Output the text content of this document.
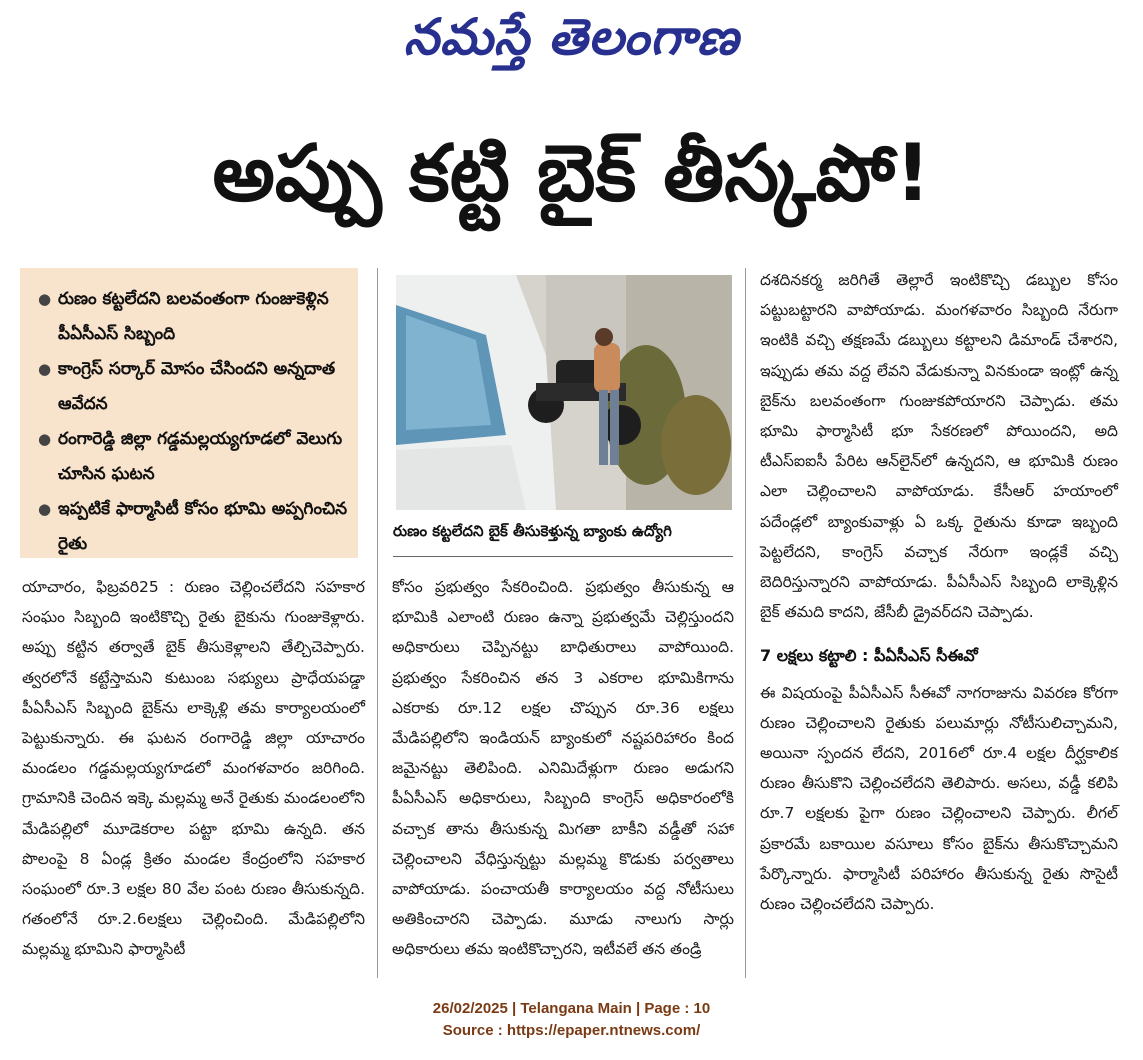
నమస్తే తెలంగాణ
అప్పు కట్టి బైక్ తీస్కపో!
● రుణం కట్టలేదని బలవంతంగా గుంజుకెళ్లిన పీఏసీఎస్ సిబ్బంది
● కాంగ్రెస్ సర్కార్ మోసం చేసిందని అన్నదాత ఆవేదన
● రంగారెడ్డి జిల్లా గడ్డమల్లయ్యగూడలో వెలుగు చూసిన ఘటన
● ఇప్పటికే ఫార్మాసిటీ కోసం భూమి అప్పగించిన రైతు
రుణం కట్టలేదని బైక్ తీసుకెళ్తున్న బ్యాంకు ఉద్యోగి

యాచారం, ఫిబ్రవరి25 : రుణం చెల్లించలేదని సహకార సంఘం సిబ్బంది ఇంటికొచ్చి రైతు బైకును గుంజుకెళ్లారు. అప్పు కట్టిన తర్వాతే బైక్ తీసుకెళ్లాలని తేల్చిచెప్పారు. త్వరలోనే కట్టేస్తామని కుటుంబ సభ్యులు ప్రాధేయపడ్డా పీఏసీఎస్ సిబ్బంది బైక్‌ను లాక్కెళ్లి తమ కార్యాలయంలో పెట్టుకున్నారు. ఈ ఘటన రంగారెడ్డి జిల్లా యాచారం మండలం గడ్డమల్లయ్యగూడలో మంగళవారం జరిగింది. గ్రామానికి చెందిన ఇక్కె మల్లమ్మ అనే రైతుకు మండలంలోని మేడిపల్లిలో మూడెకరాల పట్టా భూమి ఉన్నది. తన పొలంపై 8 ఏండ్ల క్రితం మండల కేంద్రంలోని సహకార సంఘంలో రూ.3 లక్షల 80 వేల పంట రుణం తీసుకున్నది. గతంలోనే రూ.2.6లక్షలు చెల్లించింది. మేడిపల్లిలోని మల్లమ్మ భూమిని ఫార్మాసిటీ

కోసం ప్రభుత్వం సేకరించింది. ప్రభుత్వం తీసుకున్న ఆ భూమికి ఎలాంటి రుణం ఉన్నా ప్రభుత్వమే చెల్లిస్తుందని అధికారులు చెప్పినట్టు బాధితురాలు వాపోయింది. ప్రభుత్వం సేకరించిన తన 3 ఎకరాల భూమికిగాను ఎకరాకు రూ.12 లక్షల చొప్పున రూ.36 లక్షలు మేడిపల్లిలోని ఇండియన్ బ్యాంకులో నష్టపరిహారం కింద జమైనట్టు తెలిపింది. ఎనిమిదేళ్లుగా రుణం అడుగని పీఏసీఎస్ అధికారులు, సిబ్బంది కాంగ్రెస్ అధికారంలోకి వచ్చాక తాను తీసుకున్న మిగతా బాకీని వడ్డీతో సహా చెల్లించాలని వేధిస్తున్నట్టు మల్లమ్మ కొడుకు పర్వతాలు వాపోయాడు. పంచాయతీ కార్యాలయం వద్ద నోటీసులు అతికించారని చెప్పాడు. మూడు నాలుగు సార్లు అధికారులు తమ ఇంటికొచ్చారని, ఇటీవలే తన తండ్రి

దశదినకర్మ జరిగితే తెల్లారే ఇంటికొచ్చి డబ్బుల కోసం పట్టుబట్టారని వాపోయాడు. మంగళవారం సిబ్బంది నేరుగా ఇంటికి వచ్చి తక్షణమే డబ్బులు కట్టాలని డిమాండ్ చేశారని, ఇప్పుడు తమ వద్ద లేవని వేడుకున్నా వినకుండా ఇంట్లో ఉన్న బైక్‌ను బలవంతంగా గుంజుకపోయారని చెప్పాడు. తమ భూమి ఫార్మాసిటీ భూ సేకరణలో పోయిందని, అది టీఎస్ఐఐసీ పేరిట ఆన్‌లైన్‌లో ఉన్నదని, ఆ భూమికి రుణం ఎలా చెల్లించాలని వాపోయాడు. కేసీఆర్ హయాంలో పదేండ్లలో బ్యాంకువాళ్లు ఏ ఒక్క రైతును కూడా ఇబ్బంది పెట్టలేదని, కాంగ్రెస్ వచ్చాక నేరుగా ఇండ్లకే వచ్చి బెదిరిస్తున్నారని వాపోయాడు. పీఏసీఎస్ సిబ్బంది లాక్కెళ్లిన బైక్ తమది కాదని, జేసీబీ డ్రైవర్‌దని చెప్పాడు.

7 లక్షలు కట్టాలి : పీఏసీఎస్ సీఈవో

ఈ విషయంపై పీఏసీఎస్ సీఈవో నాగరాజును వివరణ కోరగా రుణం చెల్లించాలని రైతుకు పలుమార్లు నోటీసులిచ్చామని, అయినా స్పందన లేదని, 2016లో రూ.4 లక్షల దీర్ఘకాలిక రుణం తీసుకొని చెల్లించలేదని తెలిపారు. అసలు, వడ్డీ కలిపి రూ.7 లక్షలకు పైగా రుణం చెల్లించాలని చెప్పారు. లీగల్ ప్రకారమే బకాయిల వసూలు కోసం బైక్‌ను తీసుకొచ్చామని పేర్కొన్నారు. ఫార్మాసిటీ పరిహారం తీసుకున్న రైతు సొసైటీ రుణం చెల్లించలేదని చెప్పారు.

26/02/2025 | Telangana Main | Page : 10
Source : https://epaper.ntnews.com/
